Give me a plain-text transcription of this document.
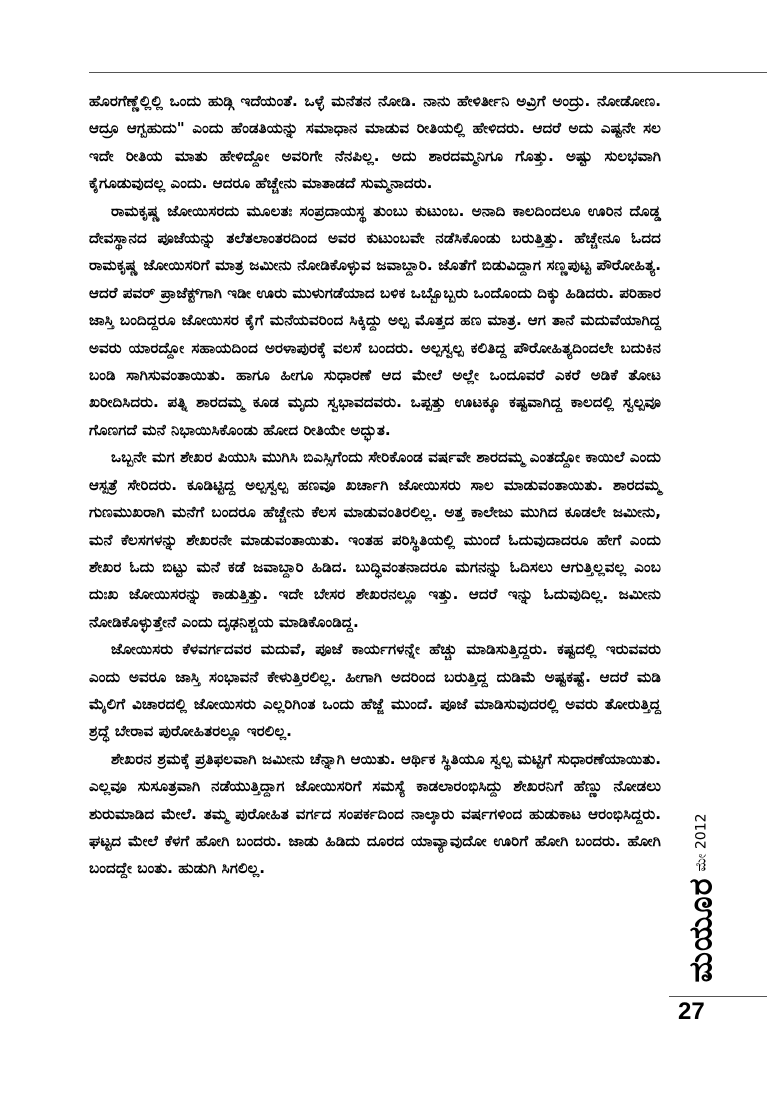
ಹೊರಗೆಣ್ಣೆಲ್ಲಿಲ್ಲಿ ಒಂದು ಹುಡ್ಗಿ ಇದೆಯಂತೆ. ಒಳ್ಳೆ ಮನೆತನ ನೋಡಿ. ನಾನು ಹೇಳಿರ್ತೀನಿ ಅವ್ರಿಗೆ ಅಂದ್ರು. ನೋಡೋಣ. ಆದ್ರೂ ಆಗ್ಬಹುದು" ಎಂದು ಹೆಂಡತಿಯನ್ನು ಸಮಾಧಾನ ಮಾಡುವ ರೀತಿಯಲ್ಲಿ ಹೇಳಿದರು. ಆದರೆ ಅದು ಎಷ್ಟನೇ ಸಲ ಇದೇ ರೀತಿಯ ಮಾತು ಹೇಳಿದ್ದೋ ಅವರಿಗೇ ನೆನಪಿಲ್ಲ. ಅದು ಶಾರದಮ್ಮನಿಗೂ ಗೊತ್ತು. ಅಷ್ಟು ಸುಲಭವಾಗಿ ಕೈಗೂಡುವುದಲ್ಲ ಎಂದು. ಆದರೂ ಹೆಚ್ಚೇನು ಮಾತಾಡದೆ ಸುಮ್ಮನಾದರು.

ರಾಮಕೃಷ್ಣ ಜೋಯಿಸರದು ಮೂಲತಃ ಸಂಪ್ರದಾಯಸ್ಥ ತುಂಬು ಕುಟುಂಬ. ಅನಾದಿ ಕಾಲದಿಂದಲೂ ಊರಿನ ದೊಡ್ಡ ದೇವಸ್ಥಾನದ ಪೂಜೆಯನ್ನು ತಲೆತಲಾಂತರದಿಂದ ಅವರ ಕುಟುಂಬವೇ ನಡೆಸಿಕೊಂಡು ಬರುತ್ತಿತ್ತು. ಹೆಚ್ಚೇನೂ ಓದದ ರಾಮಕೃಷ್ಣ ಜೋಯಿಸರಿಗೆ ಮಾತ್ರ ಜಮೀನು ನೋಡಿಕೊಳ್ಳುವ ಜವಾಬ್ದಾರಿ. ಜೊತೆಗೆ ಬಿಡುವಿದ್ದಾಗ ಸಣ್ಣಪುಟ್ಟ ಪೌರೋಹಿತ್ಯ. ಆದರೆ ಪವರ್ ಪ್ರಾಜೆಕ್ಟ್‌ಗಾಗಿ ಇಡೀ ಊರು ಮುಳುಗಡೆಯಾದ ಬಳಿಕ ಒಬ್ಬೊಬ್ಬರು ಒಂದೊಂದು ದಿಕ್ಕು ಹಿಡಿದರು. ಪರಿಹಾರ ಜಾಸ್ತಿ ಬಂದಿದ್ದರೂ ಜೋಯಿಸರ ಕೈಗೆ ಮನೆಯವರಿಂದ ಸಿಕ್ಕಿದ್ದು ಅಲ್ಪ ಮೊತ್ತದ ಹಣ ಮಾತ್ರ. ಆಗ ತಾನೆ ಮದುವೆಯಾಗಿದ್ದ ಅವರು ಯಾರದ್ದೋ ಸಹಾಯದಿಂದ ಅರಳಾಪುರಕ್ಕೆ ವಲಸೆ ಬಂದರು. ಅಲ್ಪಸ್ವಲ್ಪ ಕಲಿತಿದ್ದ ಪೌರೋಹಿತ್ಯದಿಂದಲೇ ಬದುಕಿನ ಬಂಡಿ ಸಾಗಿಸುವಂತಾಯಿತು. ಹಾಗೂ ಹೀಗೂ ಸುಧಾರಣೆ ಆದ ಮೇಲೆ ಅಲ್ಲೇ ಒಂದೂವರೆ ಎಕರೆ ಅಡಿಕೆ ತೋಟ ಖರೀದಿಸಿದರು. ಪತ್ನಿ ಶಾರದಮ್ಮ ಕೂಡ ಮೃದು ಸ್ವಭಾವದವರು. ಒಪ್ಪತ್ತು ಊಟಕ್ಕೂ ಕಷ್ಟವಾಗಿದ್ದ ಕಾಲದಲ್ಲಿ ಸ್ವಲ್ಪವೂ ಗೊಣಗದೆ ಮನೆ ನಿಭಾಯಿಸಿಕೊಂಡು ಹೋದ ರೀತಿಯೇ ಅದ್ಭುತ.

ಒಬ್ಬನೇ ಮಗ ಶೇಖರ ಪಿಯುಸಿ ಮುಗಿಸಿ ಬಿಎಸ್ಸಿಗೆಂದು ಸೇರಿಕೊಂಡ ವರ್ಷವೇ ಶಾರದಮ್ಮ ಎಂತದ್ದೋ ಕಾಯಿಲೆ ಎಂದು ಆಸ್ಪತ್ರೆ ಸೇರಿದರು. ಕೂಡಿಟ್ಟಿದ್ದ ಅಲ್ಪಸ್ವಲ್ಪ ಹಣವೂ ಖರ್ಚಾಗಿ ಜೋಯಿಸರು ಸಾಲ ಮಾಡುವಂತಾಯಿತು. ಶಾರದಮ್ಮ ಗುಣಮುಖರಾಗಿ ಮನೆಗೆ ಬಂದರೂ ಹೆಚ್ಚೇನು ಕೆಲಸ ಮಾಡುವಂತಿರಲಿಲ್ಲ. ಅತ್ತ ಕಾಲೇಜು ಮುಗಿದ ಕೂಡಲೇ ಜಮೀನು, ಮನೆ ಕೆಲಸಗಳನ್ನು ಶೇಖರನೇ ಮಾಡುವಂತಾಯಿತು. ಇಂತಹ ಪರಿಸ್ಥಿತಿಯಲ್ಲಿ ಮುಂದೆ ಓದುವುದಾದರೂ ಹೇಗೆ ಎಂದು ಶೇಖರ ಓದು ಬಿಟ್ಟು ಮನೆ ಕಡೆ ಜವಾಬ್ದಾರಿ ಹಿಡಿದ. ಬುದ್ಧಿವಂತನಾದರೂ ಮಗನನ್ನು ಓದಿಸಲು ಆಗುತ್ತಿಲ್ಲವಲ್ಲ ಎಂಬ ದುಃಖ ಜೋಯಿಸರನ್ನು ಕಾಡುತ್ತಿತ್ತು. ಇದೇ ಬೇಸರ ಶೇಖರನಲ್ಲೂ ಇತ್ತು. ಆದರೆ ಇನ್ನು ಓದುವುದಿಲ್ಲ. ಜಮೀನು ನೋಡಿಕೊಳ್ಳುತ್ತೇನೆ ಎಂದು ದೃಢನಿಶ್ಚಯ ಮಾಡಿಕೊಂಡಿದ್ದ.

ಜೋಯಿಸರು ಕೆಳವರ್ಗದವರ ಮದುವೆ, ಪೂಜೆ ಕಾರ್ಯಗಳನ್ನೇ ಹೆಚ್ಚು ಮಾಡಿಸುತ್ತಿದ್ದರು. ಕಷ್ಟದಲ್ಲಿ ಇರುವವರು ಎಂದು ಅವರೂ ಜಾಸ್ತಿ ಸಂಭಾವನೆ ಕೇಳುತ್ತಿರಲಿಲ್ಲ. ಹೀಗಾಗಿ ಅದರಿಂದ ಬರುತ್ತಿದ್ದ ದುಡಿಮೆ ಅಷ್ಟಕಷ್ಟೆ. ಆದರೆ ಮಡಿ ಮೈಲಿಗೆ ವಿಚಾರದಲ್ಲಿ ಜೋಯಿಸರು ಎಲ್ಲರಿಗಿಂತ ಒಂದು ಹೆಜ್ಜೆ ಮುಂದೆ. ಪೂಜೆ ಮಾಡಿಸುವುದರಲ್ಲಿ ಅವರು ತೋರುತ್ತಿದ್ದ ಶ್ರದ್ಧೆ ಬೇರಾವ ಪುರೋಹಿತರಲ್ಲೂ ಇರಲಿಲ್ಲ.

ಶೇಖರನ ಶ್ರಮಕ್ಕೆ ಪ್ರತಿಫಲವಾಗಿ ಜಮೀನು ಚೆನ್ನಾಗಿ ಆಯಿತು. ಆರ್ಥಿಕ ಸ್ಥಿತಿಯೂ ಸ್ವಲ್ಪ ಮಟ್ಟಿಗೆ ಸುಧಾರಣೆಯಾಯಿತು. ಎಲ್ಲವೂ ಸುಸೂತ್ರವಾಗಿ ನಡೆಯುತ್ತಿದ್ದಾಗ ಜೋಯಿಸರಿಗೆ ಸಮಸ್ಯೆ ಕಾಡಲಾರಂಭಿಸಿದ್ದು ಶೇಖರನಿಗೆ ಹೆಣ್ಣು ನೋಡಲು ಶುರುಮಾಡಿದ ಮೇಲೆ. ತಮ್ಮ ಪುರೋಹಿತ ವರ್ಗದ ಸಂಪರ್ಕದಿಂದ ನಾಲ್ಕಾರು ವರ್ಷಗಳಿಂದ ಹುಡುಕಾಟ ಆರಂಭಿಸಿದ್ದರು. ಘಟ್ಟದ ಮೇಲೆ ಕೆಳಗೆ ಹೋಗಿ ಬಂದರು. ಜಾಡು ಹಿಡಿದು ದೂರದ ಯಾವ್ಯಾವುದೋ ಊರಿಗೆ ಹೋಗಿ ಬಂದರು. ಹೋಗಿ ಬಂದದ್ದೇ ಬಂತು. ಹುಡುಗಿ ಸಿಗಲಿಲ್ಲ.

ಮಯೂರ
ಮೇ 2012
27
